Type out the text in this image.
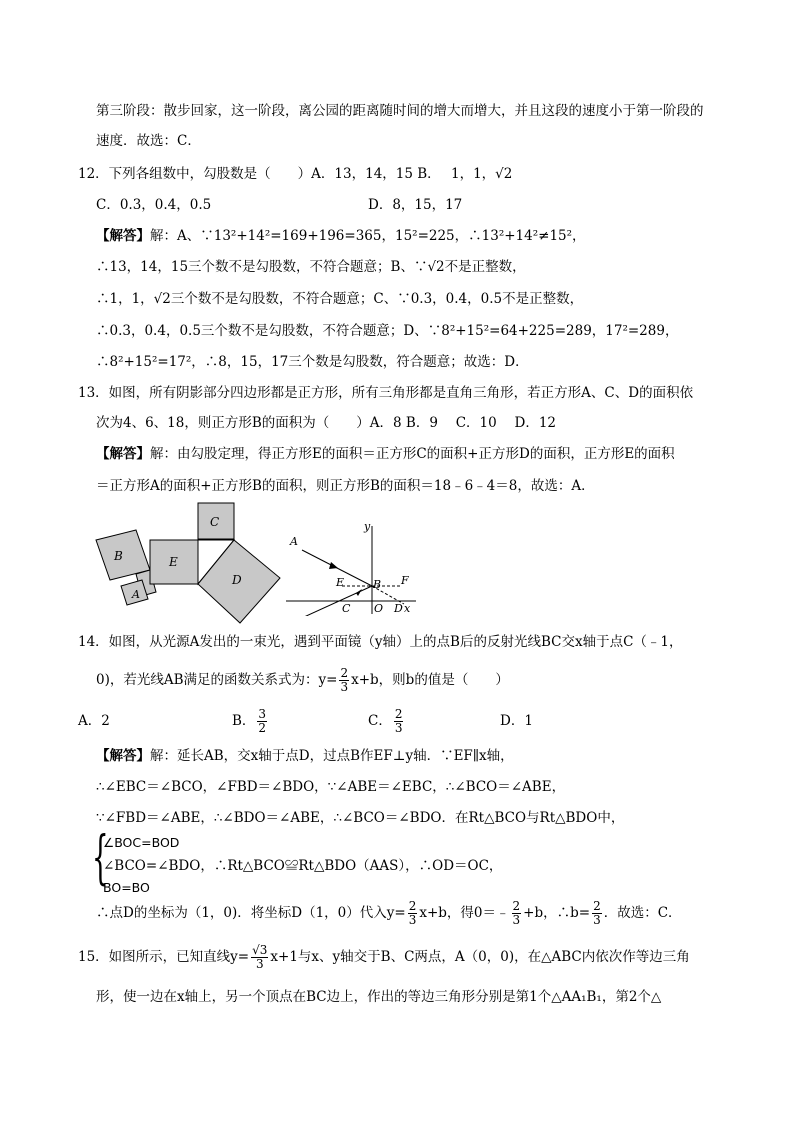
第三阶段：散步回家，这一阶段，离公园的距离随时间的增大而增大，并且这段的速度小于第一阶段的
速度．故选：C．
12．下列各组数中，勾股数是（　　）A．13，14，15 B． 1，1，√2
C．0.3，0.4，0.5	D．8，15，17
【解答】解：A、∵13²+14²=169+196=365，15²=225，∴13²+14²≠15²，
∴13，14，15三个数不是勾股数，不符合题意；B、∵√2不是正整数，
∴1，1，√2三个数不是勾股数，不符合题意；C、∵0.3，0.4，0.5不是正整数，
∴0.3，0.4，0.5三个数不是勾股数，不符合题意；D、∵8²+15²=64+225=289，17²=289，
∴8²+15²=17²，∴8，15，17三个数是勾股数，符合题意；故选：D．
13．如图，所有阴影部分四边形都是正方形，所有三角形都是直角三角形，若正方形A、C、D的面积依
次为4、6、18，则正方形B的面积为（　　）A．8 B．9　 C．10　 D．12
【解答】解：由勾股定理，得正方形E的面积＝正方形C的面积+正方形D的面积，正方形E的面积
＝正方形A的面积+正方形B的面积，则正方形B的面积＝18﹣6﹣4＝8，故选：A．
B
A
E
C
D
y
A
E	B F
C O D x
14．如图，从光源A发出的一束光，遇到平面镜（y轴）上的点B后的反射光线BC交x轴于点C（﹣1，
0)，若光线AB满足的函数关系式为：$y= \frac{2}{3} x+b$，则b的值是（　　）
A．2	B． $\frac{3}{2}$	C． $\frac{2}{3}$	D．1
【解答】解：延长AB，交x轴于点D，过点B作EF⊥y轴．∵EF∥x轴，
∴∠EBC＝∠BCO，∠FBD＝∠BDO，∵∠ABE＝∠EBC，∴∠BCO＝∠ABE，
∵∠FBD＝∠ABE，∴∠BDO＝∠ABE，∴∠BCO＝∠BDO．在Rt△BCO与Rt△BDO中，
{
∠BOC=BOD
∠BCO=∠BDO，∴Rt△BCO≌Rt△BDO（AAS），∴OD＝OC，
BO=BO
∴点D的坐标为（1，0)．将坐标D（1，0）代入$y= \frac{2}{3} x+b$，得0＝﹣ $\frac{2}{3} +b$，∴b= $\frac{2}{3}$ ．故选：C．
15．如图所示，已知直线$y= \frac{√3}{3} x+1$与x、y轴交于B、C两点，A（0，0)，在△ABC内依次作等边三角
形，使一边在x轴上，另一个顶点在BC边上，作出的等边三角形分别是第1个△AA₁B₁，第2个△
